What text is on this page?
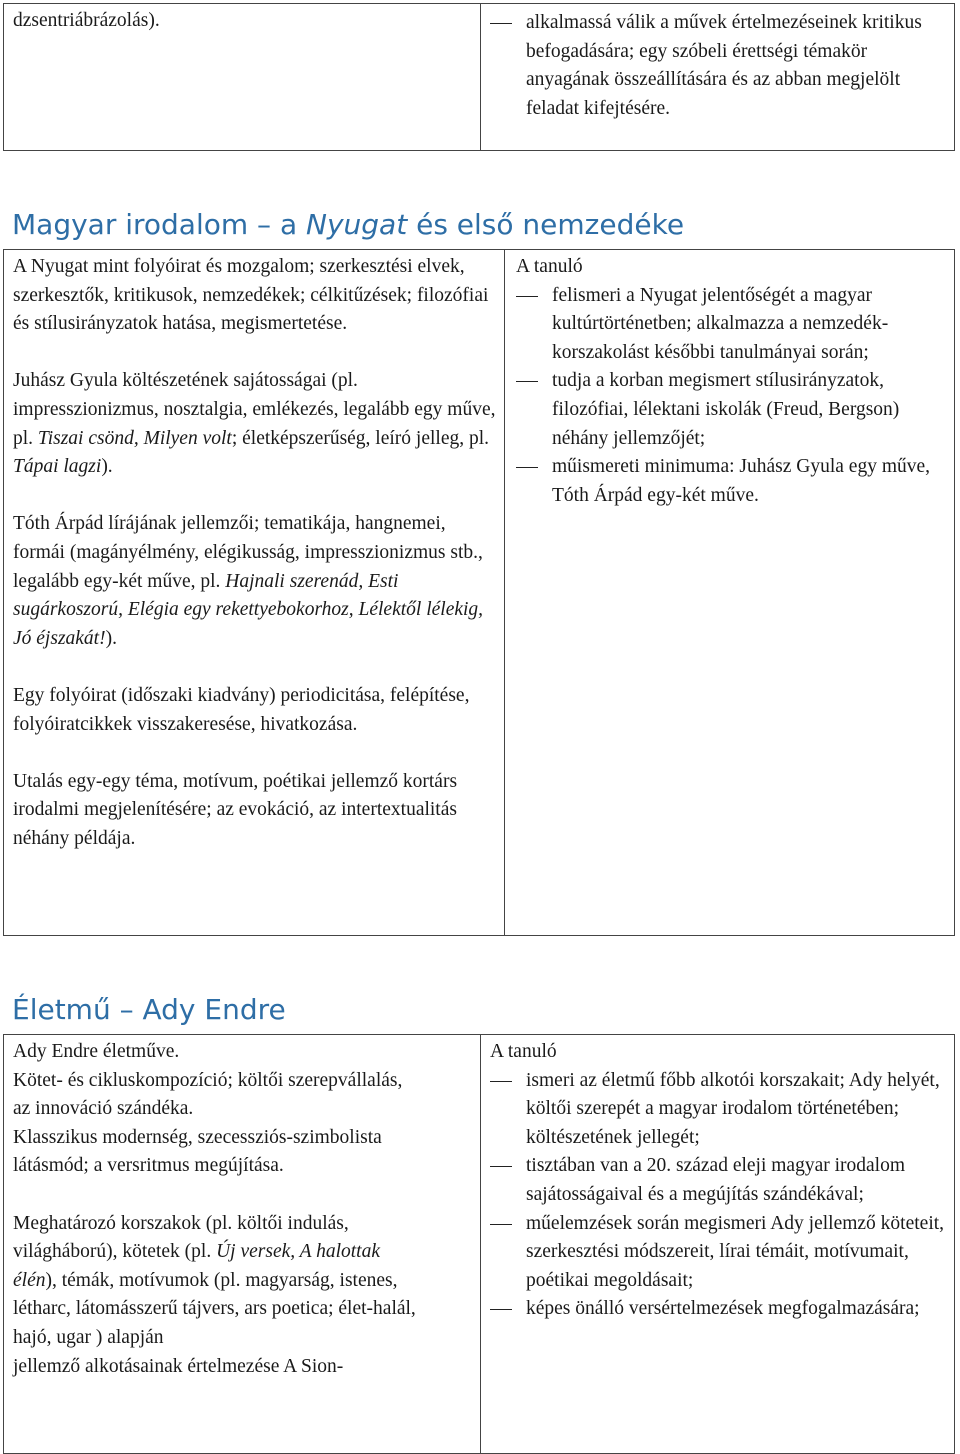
dzsentriábrázolás).	alkalmassá válik a művek értelmezéseinek kritikus befogadására; egy szóbeli érettségi témakör anyagának összeállítására és az abban megjelölt feladat kifejtésére.
Magyar irodalom – a Nyugat és első nemzedéke

A Nyugat mint folyóirat és mozgalom; szerkesztési elvek, szerkesztők, kritikusok, nemzedékek; célkitűzések; filozófiai és stílusirányzatok hatása, megismertetése.

Juhász Gyula költészetének sajátosságai (pl. impresszionizmus, nosztalgia, emlékezés, legalább egy műve, pl. Tiszai csönd, Milyen volt; életképszerűség, leíró jelleg, pl. Tápai lagzi).

Tóth Árpád lírájának jellemzői; tematikája, hangnemei, formái (magányélmény, elégikusság, impresszionizmus stb., legalább egy-két műve, pl. Hajnali szerenád, Esti sugárkoszorú, Elégia egy rekettyebokorhoz, Lélektől lélekig, Jó éjszakát!).

Egy folyóirat (időszaki kiadvány) periodicitása, felépítése, folyóiratcikkek visszakeresése, hivatkozása.

Utalás egy-egy téma, motívum, poétikai jellemző kortárs irodalmi megjelenítésére; az evokáció, az intertextualitás néhány példája.

A tanuló

felismeri a Nyugat jelentőségét a magyar kultúrtörténetben; alkalmazza a nemzedék-korszakolást későbbi tanulmányai során;
tudja a korban megismert stílusirányzatok, filozófiai, lélektani iskolák (Freud, Bergson) néhány jellemzőjét;
műismereti minimuma: Juhász Gyula egy műve, Tóth Árpád egy-két műve.
Életmű – Ady Endre

Ady Endre életműve.

Kötet- és cikluskompozíció; költői szerepvállalás, az innováció szándéka.

Klasszikus modernség, szecessziós-szimbolista látásmód; a versritmus megújítása.

Meghatározó korszakok (pl. költői indulás, világháború), kötetek (pl. Új versek, A halottak élén), témák, motívumok (pl. magyarság, istenes, létharc, látomásszerű tájvers, ars poetica; élet-halál, hajó, ugar ) alapján

jellemző alkotásainak értelmezése A Sion-

A tanuló

ismeri az életmű főbb alkotói korszakait; Ady helyét, költői szerepét a magyar irodalom történetében; költészetének jellegét;
tisztában van a 20. század eleji magyar irodalom sajátosságaival és a megújítás szándékával;
műelemzések során megismeri Ady jellemző köteteit, szerkesztési módszereit, lírai témáit, motívumait, poétikai megoldásait;
képes önálló versértelmezések megfogalmazására;
